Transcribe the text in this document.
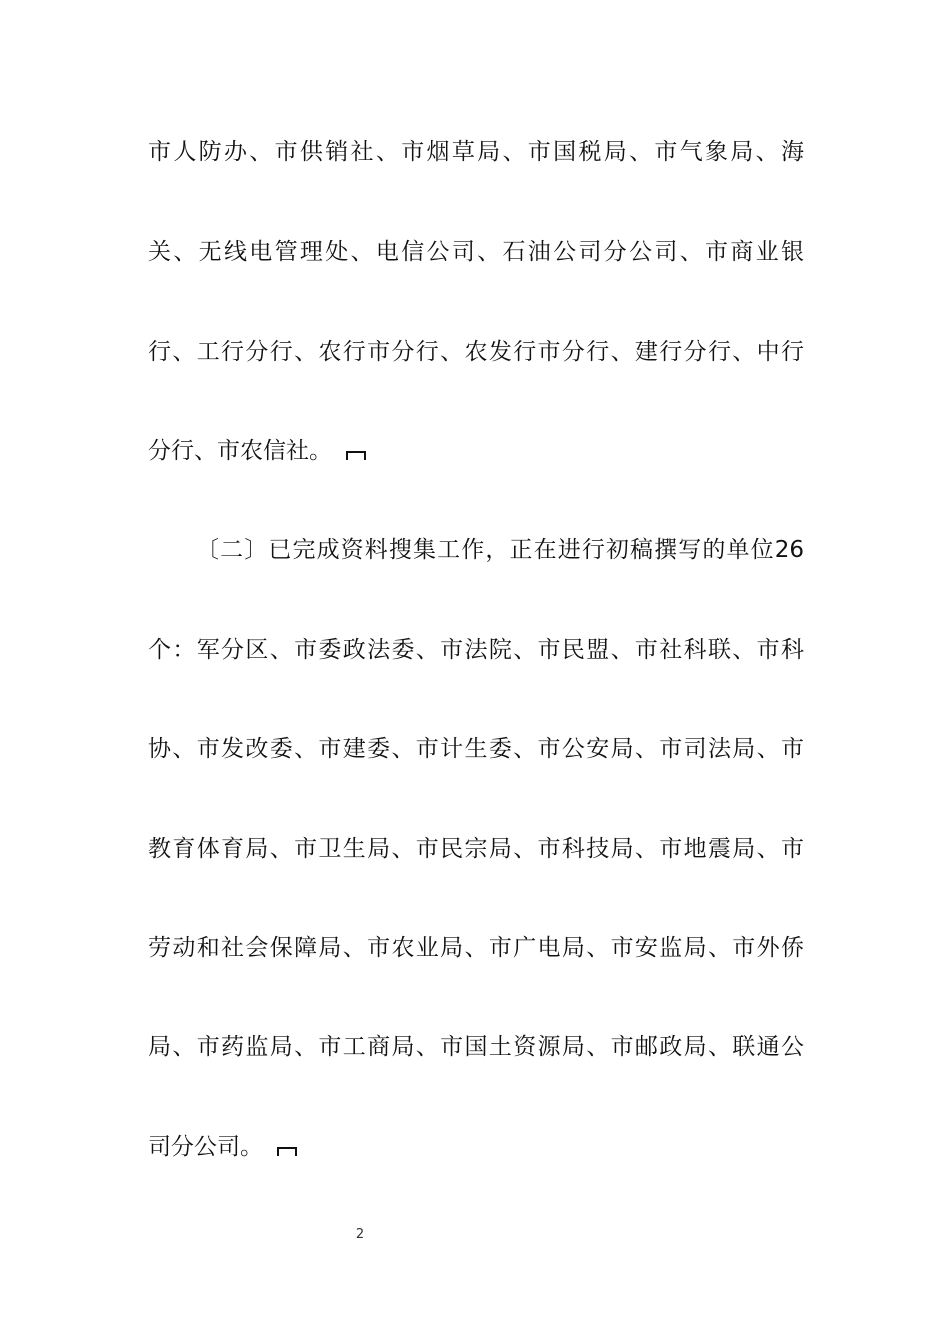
市人防办、市供销社、市烟草局、市国税局、市气象局、海
关、无线电管理处、电信公司、石油公司分公司、市商业银
行、工行分行、农行市分行、农发行市分行、建行分行、中行
分行、市农信社。
〔二〕已完成资料搜集工作，正在进行初稿撰写的单位26
个：军分区、市委政法委、市法院、市民盟、市社科联、市科
协、市发改委、市建委、市计生委、市公安局、市司法局、市
教育体育局、市卫生局、市民宗局、市科技局、市地震局、市
劳动和社会保障局、市农业局、市广电局、市安监局、市外侨
局、市药监局、市工商局、市国土资源局、市邮政局、联通公
司分公司。
2
